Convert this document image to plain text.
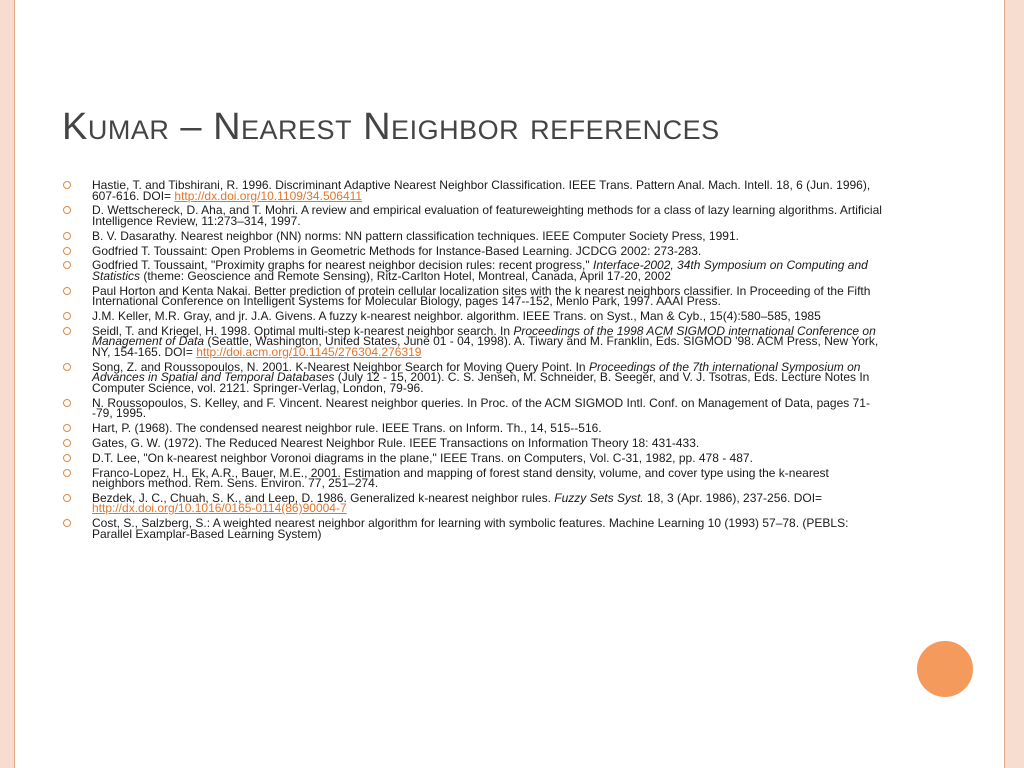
Kumar – Nearest Neighbor references
Hastie, T. and Tibshirani, R. 1996. Discriminant Adaptive Nearest Neighbor Classification. IEEE Trans. Pattern Anal. Mach. Intell. 18, 6 (Jun. 1996), 607-616. DOI= http://dx.doi.org/10.1109/34.506411
D. Wettschereck, D. Aha, and T. Mohri. A review and empirical evaluation of featureweighting methods for a class of lazy learning algorithms. Artificial Intelligence Review, 11:273–314, 1997.
B. V. Dasarathy. Nearest neighbor (NN) norms: NN pattern classification techniques. IEEE Computer Society Press, 1991.
Godfried T. Toussaint: Open Problems in Geometric Methods for Instance-Based Learning. JCDCG 2002: 273-283.
Godfried T. Toussaint, "Proximity graphs for nearest neighbor decision rules: recent progress," Interface-2002, 34th Symposium on Computing and Statistics (theme: Geoscience and Remote Sensing), Ritz-Carlton Hotel, Montreal, Canada, April 17-20, 2002
Paul Horton and Kenta Nakai. Better prediction of protein cellular localization sites with the k nearest neighbors classifier. In Proceeding of the Fifth International Conference on Intelligent Systems for Molecular Biology, pages 147--152, Menlo Park, 1997. AAAI Press.
J.M. Keller, M.R. Gray, and jr. J.A. Givens. A fuzzy k-nearest neighbor. algorithm. IEEE Trans. on Syst., Man & Cyb., 15(4):580–585, 1985
Seidl, T. and Kriegel, H. 1998. Optimal multi-step k-nearest neighbor search. In Proceedings of the 1998 ACM SIGMOD international Conference on Management of Data (Seattle, Washington, United States, June 01 - 04, 1998). A. Tiwary and M. Franklin, Eds. SIGMOD '98. ACM Press, New York, NY, 154-165. DOI= http://doi.acm.org/10.1145/276304.276319
Song, Z. and Roussopoulos, N. 2001. K-Nearest Neighbor Search for Moving Query Point. In Proceedings of the 7th international Symposium on Advances in Spatial and Temporal Databases (July 12 - 15, 2001). C. S. Jensen, M. Schneider, B. Seeger, and V. J. Tsotras, Eds. Lecture Notes In Computer Science, vol. 2121. Springer-Verlag, London, 79-96.
N. Roussopoulos, S. Kelley, and F. Vincent. Nearest neighbor queries. In Proc. of the ACM SIGMOD Intl. Conf. on Management of Data, pages 71--79, 1995.
Hart, P. (1968). The condensed nearest neighbor rule. IEEE Trans. on Inform. Th., 14, 515--516.
Gates, G. W. (1972). The Reduced Nearest Neighbor Rule. IEEE Transactions on Information Theory 18: 431-433.
D.T. Lee, "On k-nearest neighbor Voronoi diagrams in the plane," IEEE Trans. on Computers, Vol. C-31, 1982, pp. 478 - 487.
Franco-Lopez, H., Ek, A.R., Bauer, M.E., 2001. Estimation and mapping of forest stand density, volume, and cover type using the k-nearest neighbors method. Rem. Sens. Environ. 77, 251–274.
Bezdek, J. C., Chuah, S. K., and Leep, D. 1986. Generalized k-nearest neighbor rules. Fuzzy Sets Syst. 18, 3 (Apr. 1986), 237-256. DOI= http://dx.doi.org/10.1016/0165-0114(86)90004-7
Cost, S., Salzberg, S.: A weighted nearest neighbor algorithm for learning with symbolic features. Machine Learning 10 (1993) 57–78. (PEBLS: Parallel Examplar-Based Learning System)
